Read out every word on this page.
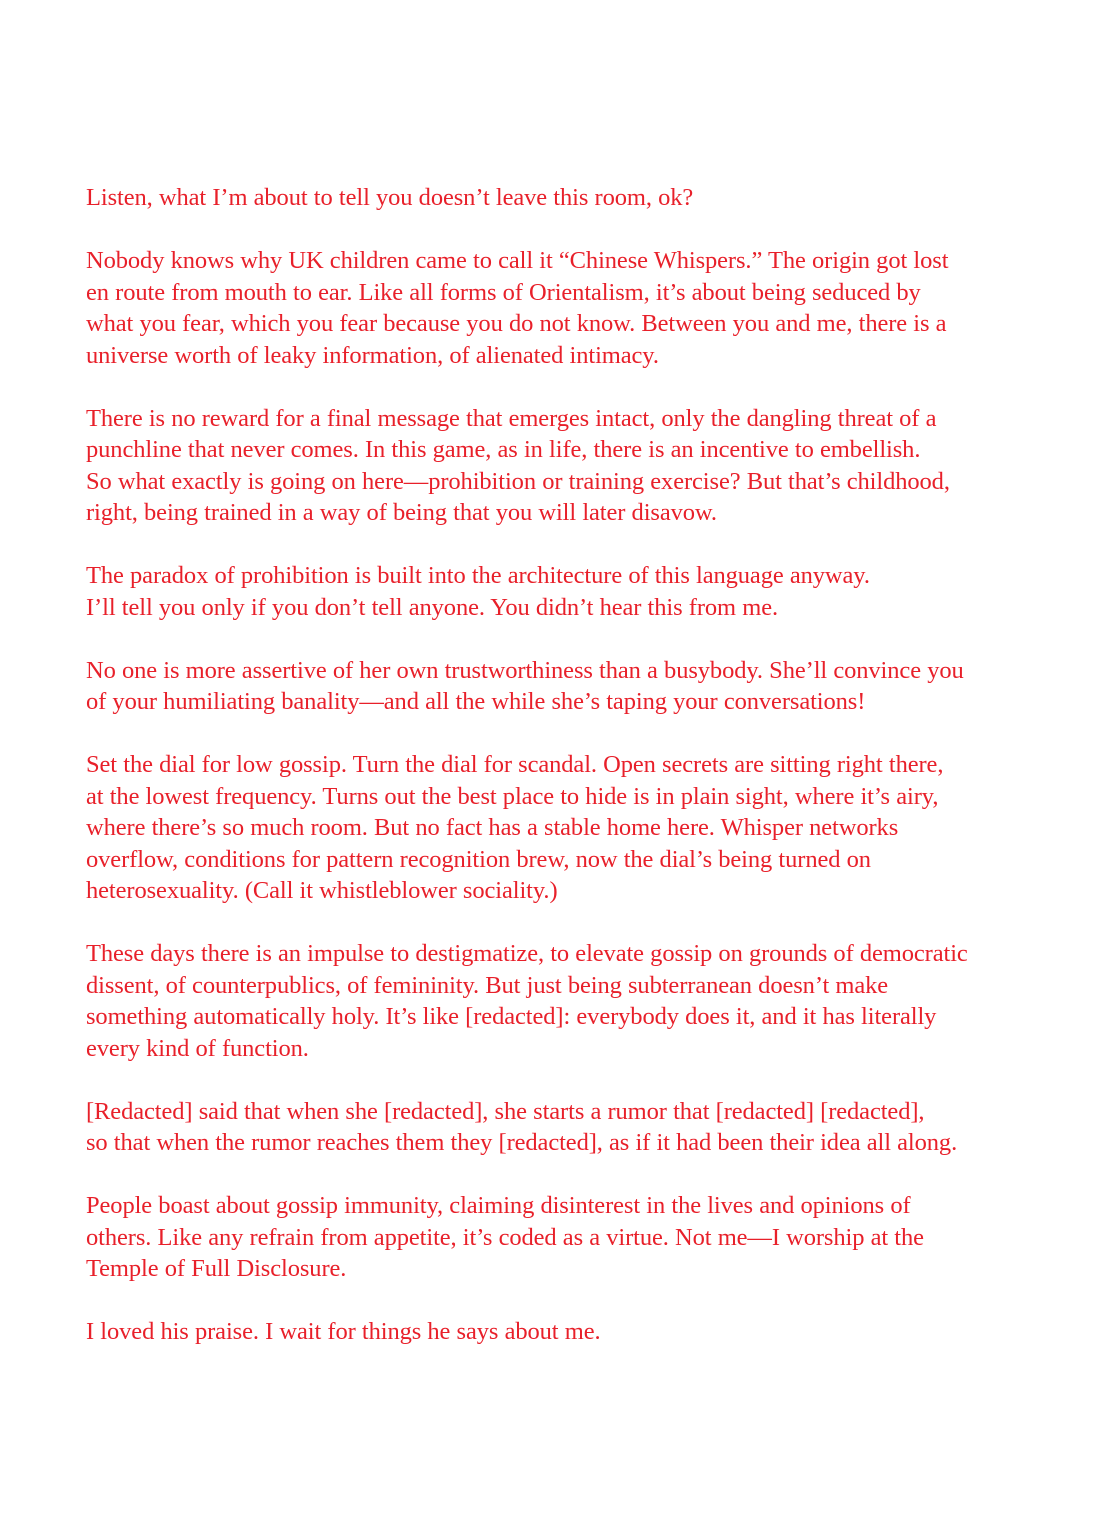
Listen, what I’m about to tell you doesn’t leave this room, ok?

Nobody knows why UK children came to call it “Chinese Whispers.” The origin got lost
en route from mouth to ear. Like all forms of Orientalism, it’s about being seduced by
what you fear, which you fear because you do not know. Between you and me, there is a
universe worth of leaky information, of alienated intimacy.

There is no reward for a final message that emerges intact, only the dangling threat of a
punchline that never comes. In this game, as in life, there is an incentive to embellish.
So what exactly is going on here—prohibition or training exercise? But that’s childhood,
right, being trained in a way of being that you will later disavow.

The paradox of prohibition is built into the architecture of this language anyway.
I’ll tell you only if you don’t tell anyone. You didn’t hear this from me.

No one is more assertive of her own trustworthiness than a busybody. She’ll convince you
of your humiliating banality—and all the while she’s taping your conversations!

Set the dial for low gossip. Turn the dial for scandal. Open secrets are sitting right there,
at the lowest frequency. Turns out the best place to hide is in plain sight, where it’s airy,
where there’s so much room. But no fact has a stable home here. Whisper networks
overflow, conditions for pattern recognition brew, now the dial’s being turned on
heterosexuality. (Call it whistleblower sociality.)

These days there is an impulse to destigmatize, to elevate gossip on grounds of democratic
dissent, of counterpublics, of femininity. But just being subterranean doesn’t make
something automatically holy. It’s like [redacted]: everybody does it, and it has literally
every kind of function.

[Redacted] said that when she [redacted], she starts a rumor that [redacted] [redacted],
so that when the rumor reaches them they [redacted], as if it had been their idea all along.

People boast about gossip immunity, claiming disinterest in the lives and opinions of
others. Like any refrain from appetite, it’s coded as a virtue. Not me—I worship at the
Temple of Full Disclosure.

I loved his praise. I wait for things he says about me.
